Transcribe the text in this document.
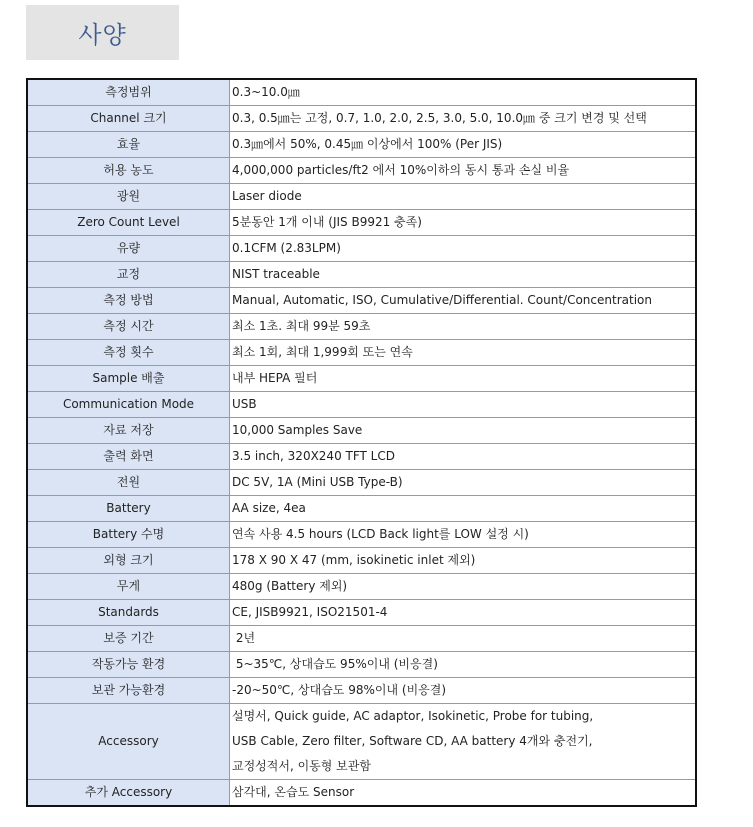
사양
측정범위	0.3~10.0㎛
Channel 크기	0.3, 0.5㎛는 고정, 0.7, 1.0, 2.0, 2.5, 3.0, 5.0, 10.0㎛ 중 크기 변경 및 선택
효율	0.3㎛에서 50%, 0.45㎛ 이상에서 100% (Per JIS)
허용 농도	4,000,000 particles/ft2 에서 10%이하의 동시 통과 손실 비율
광원	Laser diode
Zero Count Level	5분동안 1개 이내 (JIS B9921 충족)
유량	0.1CFM (2.83LPM)
교정	NIST traceable
측정 방법	Manual, Automatic, ISO, Cumulative/Differential. Count/Concentration
측정 시간	최소 1초. 최대 99분 59초
측정 횟수	최소 1회, 최대 1,999회 또는 연속
Sample 배출	내부 HEPA 필터
Communication Mode	USB
자료 저장	10,000 Samples Save
출력 화면	3.5 inch, 320X240 TFT LCD
전원	DC 5V, 1A (Mini USB Type-B)
Battery	AA size, 4ea
Battery 수명	연속 사용 4.5 hours (LCD Back light를 LOW 설정 시)
외형 크기	178 X 90 X 47 (mm, isokinetic inlet 제외)
무게	480g (Battery 제외)
Standards	CE, JISB9921, ISO21501-4
보증 기간	2년
작동가능 환경	5~35℃, 상대습도 95%이내 (비응결)
보관 가능환경	-20~50℃, 상대습도 98%이내 (비응결)
Accessory	설명서, Quick guide, AC adaptor, Isokinetic, Probe for tubing,
USB Cable, Zero filter, Software CD, AA battery 4개와 충전기,
교정성적서, 이동형 보관함

추가 Accessory	삼각대, 온습도 Sensor
